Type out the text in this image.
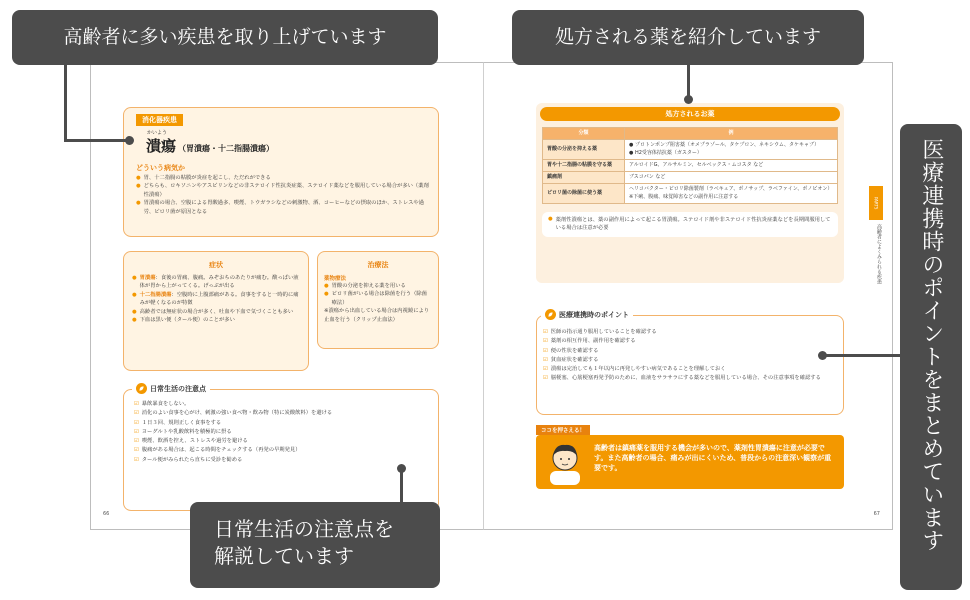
消化器疾患
かいよう
潰瘍 （胃潰瘍・十二指腸潰瘍）
どういう病気か
● 胃、十二指腸の粘膜が炎症を起こし、ただれができる
● どちらも、ロキソニンやアスピリンなどの非ステロイド性抗炎症薬、ステロイド薬などを服用している場合が多い（薬剤性潰瘍）
● 胃潰瘍の場合、空腹による胃酸過多、喫煙、トウガラシなどの刺激物、酒、コーヒーなどの摂取のほか、ストレスや過労、ピロリ菌が原因となる
症状
● 胃潰瘍：食後の胃痛、腹痛。みぞおちのあたりが痛む。酸っぱい液体が胃から上がってくる。げっぷが出る
● 十二指腸潰瘍：空腹時に上腹部痛がある。食事をすると一時的に痛みが軽くなるのが特徴
● 高齢者では無症状の場合が多く、吐血や下血で気づくことも多い
● 下血は黒い便（タール便）のことが多い
治療法
薬物療法
● 胃酸の分泌を抑える薬を用いる
● ピロリ菌がいる場合は除菌を行う（除菌療法）
※潰瘍から出血している場合は内視鏡により止血を行う（クリップ止血法）
日常生活の注意点
☑ 暴飲暴食をしない。
☑ 消化のよい食事を心がけ、刺激の強い食べ物・飲み物（特に炭酸飲料）を避ける
☑ １日３回、規則正しく食事をする
☑ ヨーグルトや乳酸飲料を積極的に摂る
☑ 喫煙、飲酒を控え、ストレスや過労を避ける
☑ 腹痛がある場合は、起こる時間をチェックする（再発の早期発見）
☑ タール便がみられたら直ちに受診を勧める
66
処方されるお薬
分類	例
胃酸の分泌を抑える薬	● プロトンポンプ阻害薬（オメプラゾール、タケプロン、ネキシウム、タケキャブ）
● H2受容体拮抗薬（ガスター）

胃や十二指腸の粘膜を守る薬	アルロイドG、アルサルミン、セルベックス・ムコスタ など
鎮痛剤	ブスコパン など
ピロリ菌の除菌に使う薬	ヘリコバクター・ピロリ除菌製剤（ラベキュア、ボノサップ、ラベファイン、ボノピオン）
※下痢、腹痛、味覚障害などの副作用に注意する
● 薬剤性潰瘍とは、薬の副作用によって起こる胃潰瘍。ステロイド剤や非ステロイド性抗炎症薬などを長期間服用している場合は注意が必要
医療連携時のポイント
☑ 医師の指示通り服用していることを確認する
☑ 薬剤の相互作用、副作用を確認する
☑ 便の性状を確認する
☑ 貧血症状を確認する
☑ 潰瘍は完治しても１年以内に再発しやすい病気であることを理解しておく
☑ 脳梗塞、心筋梗塞再発予防のために、血液をサラサラにする薬などを服用している場合、その注意事項を確認する
ココを押さえる！
高齢者は鎮痛薬を服用する機会が多いので、薬剤性胃潰瘍に注意が必要です。また高齢者の場合、痛みが出にくいため、普段からの注意深い観察が重要です。
67
PART5
高齢者によくみられる疾患
高齢者に多い疾患を取り上げています	処方される薬を紹介しています
医療連携時のポイントをまとめています
日常生活の注意点を
解説しています
